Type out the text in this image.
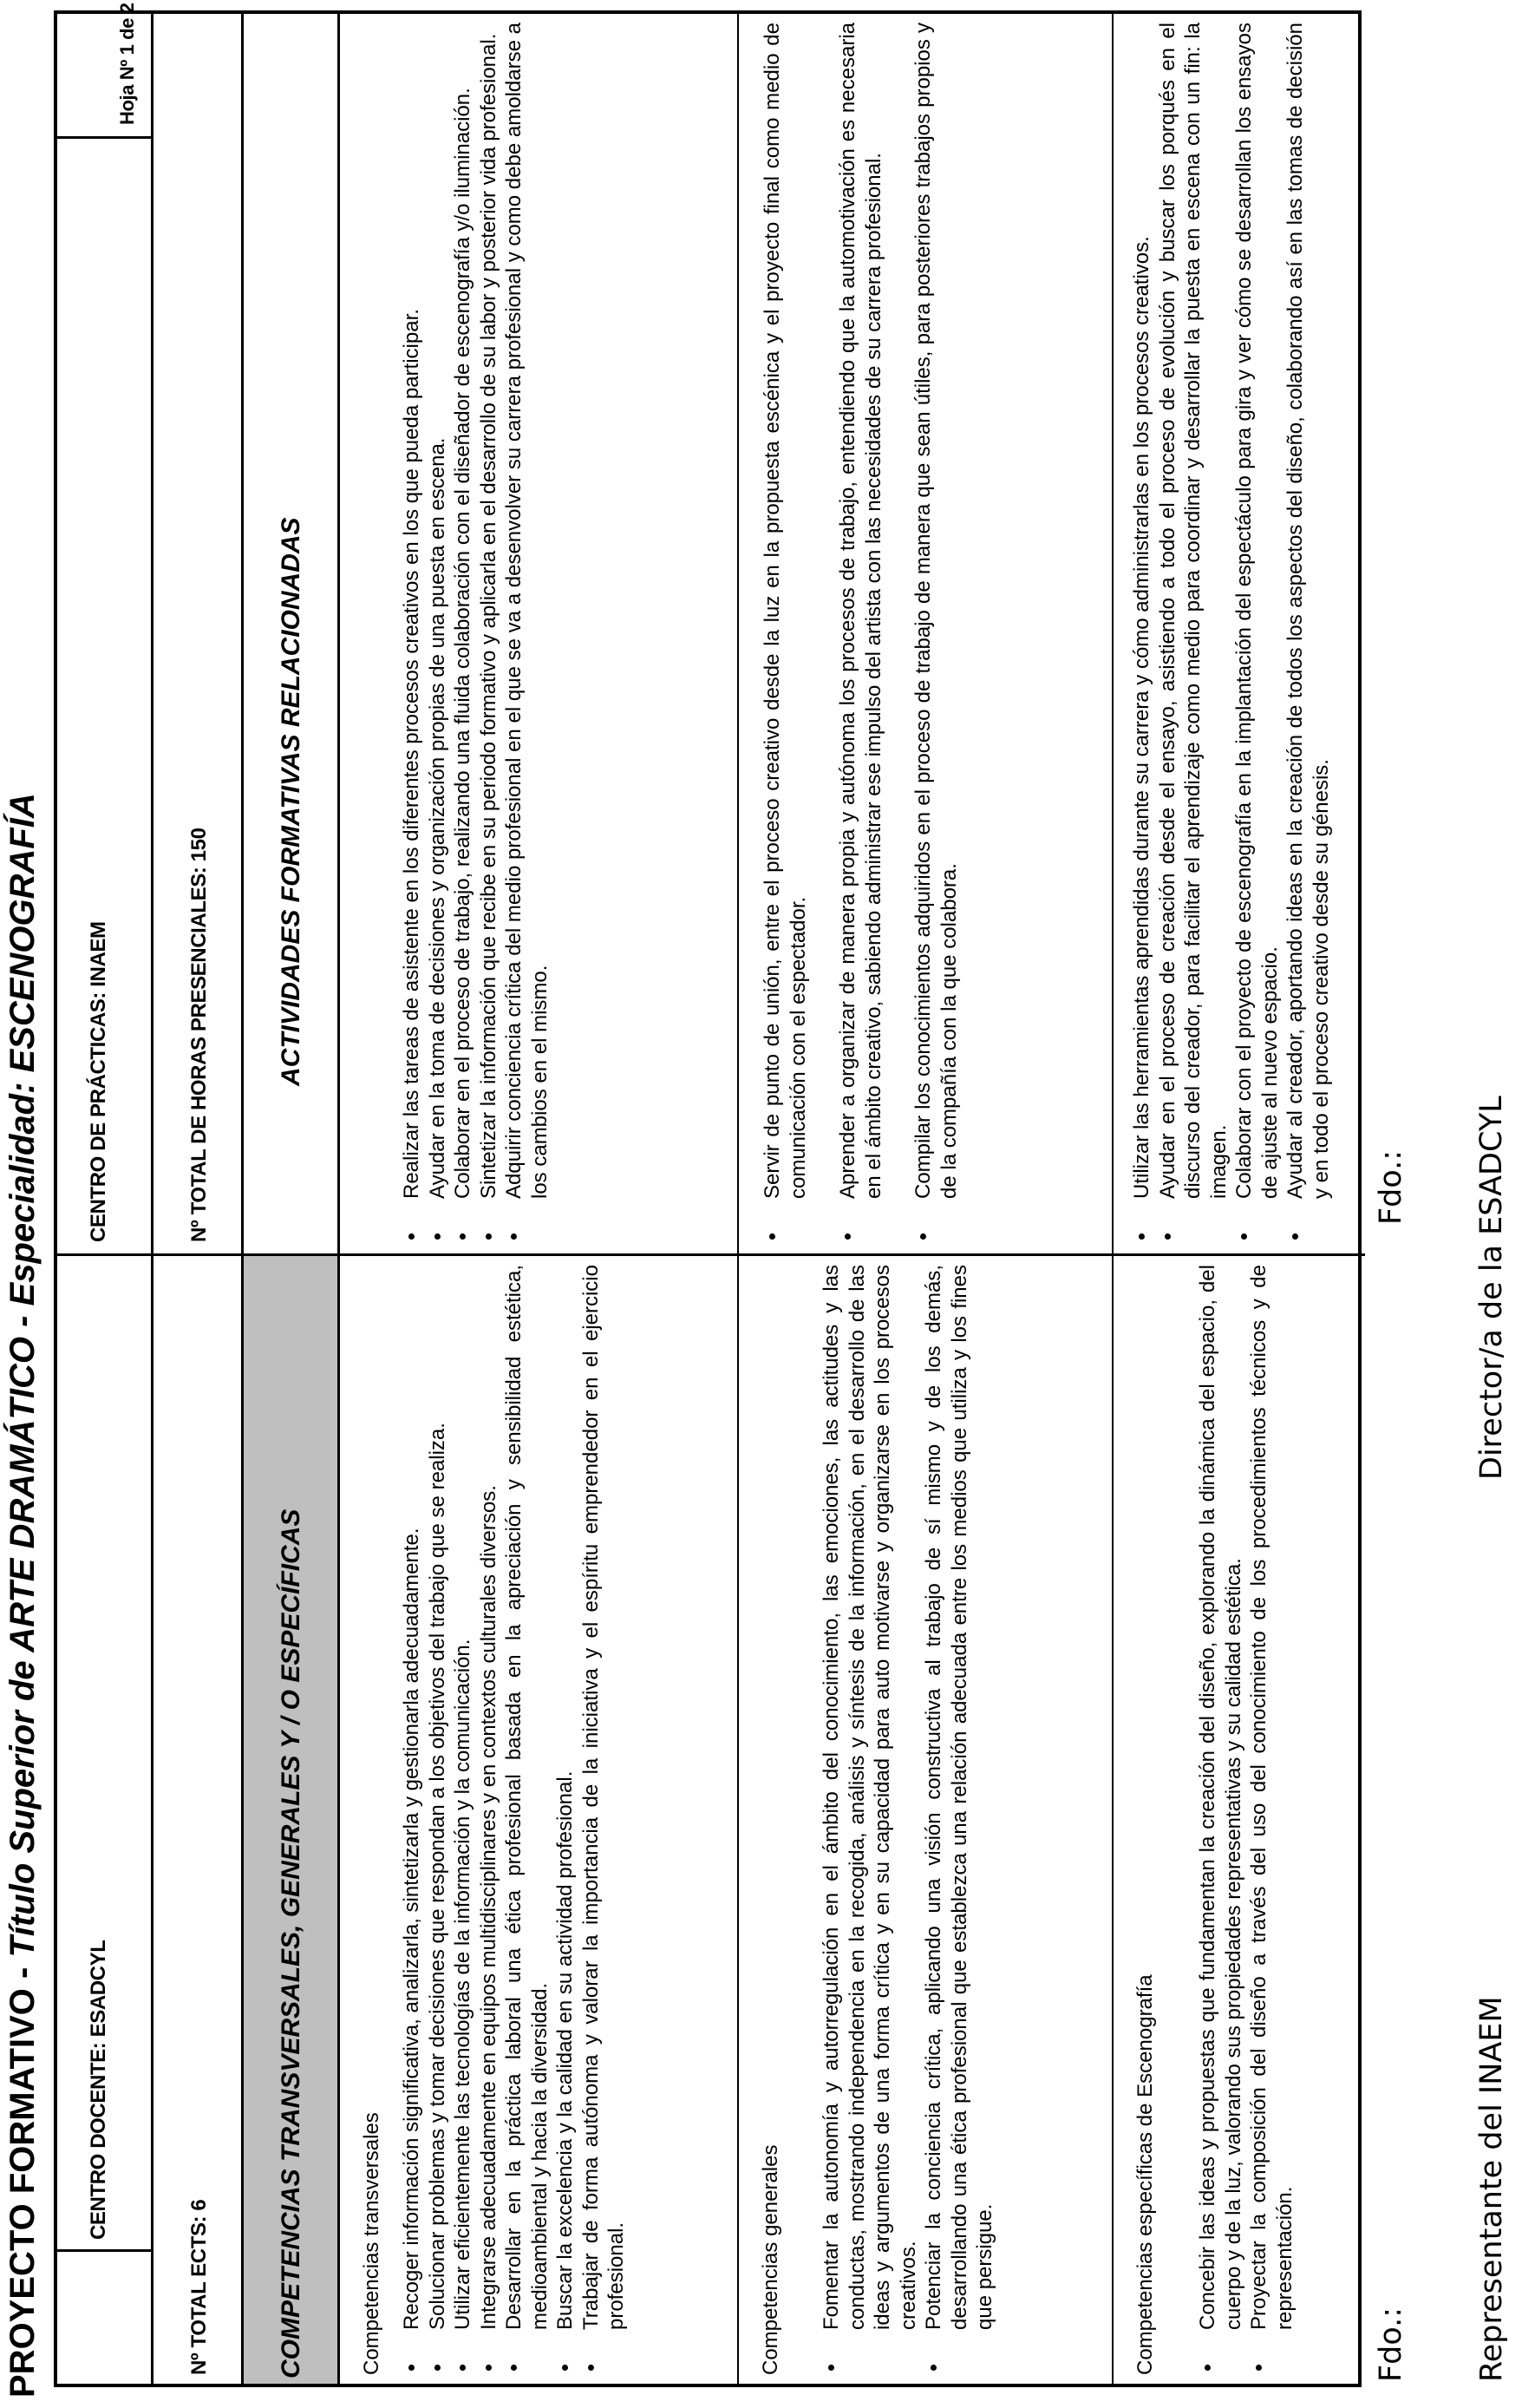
PROYECTO FORMATIVO - Título Superior de ARTE DRAMÁTICO - Especialidad: ESCENOGRAFÍA
CENTRO DOCENTE: ESADCYL
CENTRO DE PRÁCTICAS: INAEM
Hoja Nº 1 de 2
Nº TOTAL ECTS: 6
Nº TOTAL DE HORAS PRESENCIALES: 150
COMPETENCIAS TRANSVERSALES, GENERALES Y / O ESPECÍFICAS
ACTIVIDADES FORMATIVAS RELACIONADAS
Competencias transversales • Recoger información significativa, analizarla, sintetizarla y gestionarla adecuadamente. • Solucionar problemas y tomar decisiones que respondan a los objetivos del trabajo que se realiza. • Utilizar eficientemente las tecnologías de la información y la comunicación. • Integrarse adecuadamente en equipos multidisciplinares y en contextos culturales diversos. • Desarrollar en la práctica laboral una ética profesional basada en la apreciación y sensibilidad estética, medioambiental y hacia la diversidad. • Buscar la excelencia y la calidad en su actividad profesional. • Trabajar de forma autónoma y valorar la importancia de la iniciativa y el espíritu emprendedor en el ejercicio profesional.
• Realizar las tareas de asistente en los diferentes procesos creativos en los que pueda participar. • Ayudar en la toma de decisiones y organización propias de una puesta en escena. • Colaborar en el proceso de trabajo, realizando una fluida colaboración con el diseñador de escenografía y/o iluminación. • Sintetizar la información que recibe en su periodo formativo y aplicarla en el desarrollo de su labor y posterior vida profesional. • Adquirir conciencia crítica del medio profesional en el que se va a desenvolver su carrera profesional y como debe amoldarse a los cambios en el mismo.
Competencias generales • Fomentar la autonomía y autorregulación en el ámbito del conocimiento, las emociones, las actitudes y las conductas, mostrando independencia en la recogida, análisis y síntesis de la información, en el desarrollo de las ideas y argumentos de una forma crítica y en su capacidad para auto motivarse y organizarse en los procesos creativos. • Potenciar la conciencia crítica, aplicando una visión constructiva al trabajo de sí mismo y de los demás, desarrollando una ética profesional que establezca una relación adecuada entre los medios que utiliza y los fines que persigue.
• Servir de punto de unión, entre el proceso creativo desde la luz en la propuesta escénica y el proyecto final como medio de comunicación con el espectador. • Aprender a organizar de manera propia y autónoma los procesos de trabajo, entendiendo que la automotivación es necesaria en el ámbito creativo, sabiendo administrar ese impulso del artista con las necesidades de su carrera profesional. • Compilar los conocimientos adquiridos en el proceso de trabajo de manera que sean útiles, para posteriores trabajos propios y de la compañía con la que colabora.
Competencias específicas de Escenografía • Concebir las ideas y propuestas que fundamentan la creación del diseño, explorando la dinámica del espacio, del cuerpo y de la luz, valorando sus propiedades representativas y su calidad estética. • Proyectar la composición del diseño a través del uso del conocimiento de los procedimientos técnicos y de representación.
• Utilizar las herramientas aprendidas durante su carrera y cómo administrarlas en los procesos creativos. • Ayudar en el proceso de creación desde el ensayo, asistiendo a todo el proceso de evolución y buscar los porqués en el discurso del creador, para facilitar el aprendizaje como medio para coordinar y desarrollar la puesta en escena con un fin: la imagen. • Colaborar con el proyecto de escenografía en la implantación del espectáculo para gira y ver cómo se desarrollan los ensayos de ajuste al nuevo espacio. • Ayudar al creador, aportando ideas en la creación de todos los aspectos del diseño, colaborando así en las tomas de decisión y en todo el proceso creativo desde su génesis.
Fdo.: Representante del INAEM
Fdo.: Director/a de la ESADCYL
